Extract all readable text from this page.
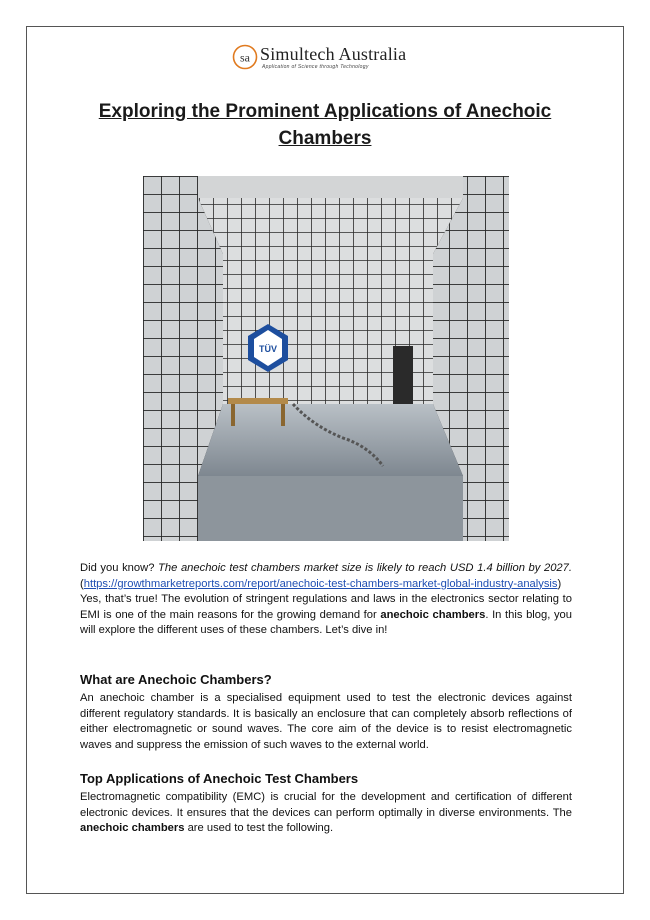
sa Simultech Australia
Application of Science through Technology
Exploring the Prominent Applications of Anechoic Chambers
TÜV
Did you know? The anechoic test chambers market size is likely to reach USD 1.4 billion by 2027. (https://growthmarketreports.com/report/anechoic-test-chambers-market-global-industry-analysis) Yes, that’s true! The evolution of stringent regulations and laws in the electronics sector relating to EMI is one of the main reasons for the growing demand for anechoic chambers. In this blog, you will explore the different uses of these chambers. Let’s dive in!
What are Anechoic Chambers?
An anechoic chamber is a specialised equipment used to test the electronic devices against different regulatory standards. It is basically an enclosure that can completely absorb reflections of either electromagnetic or sound waves. The core aim of the device is to resist electromagnetic waves and suppress the emission of such waves to the external world.
Top Applications of Anechoic Test Chambers
Electromagnetic compatibility (EMC) is crucial for the development and certification of different electronic devices. It ensures that the devices can perform optimally in diverse environments. The anechoic chambers are used to test the following.
